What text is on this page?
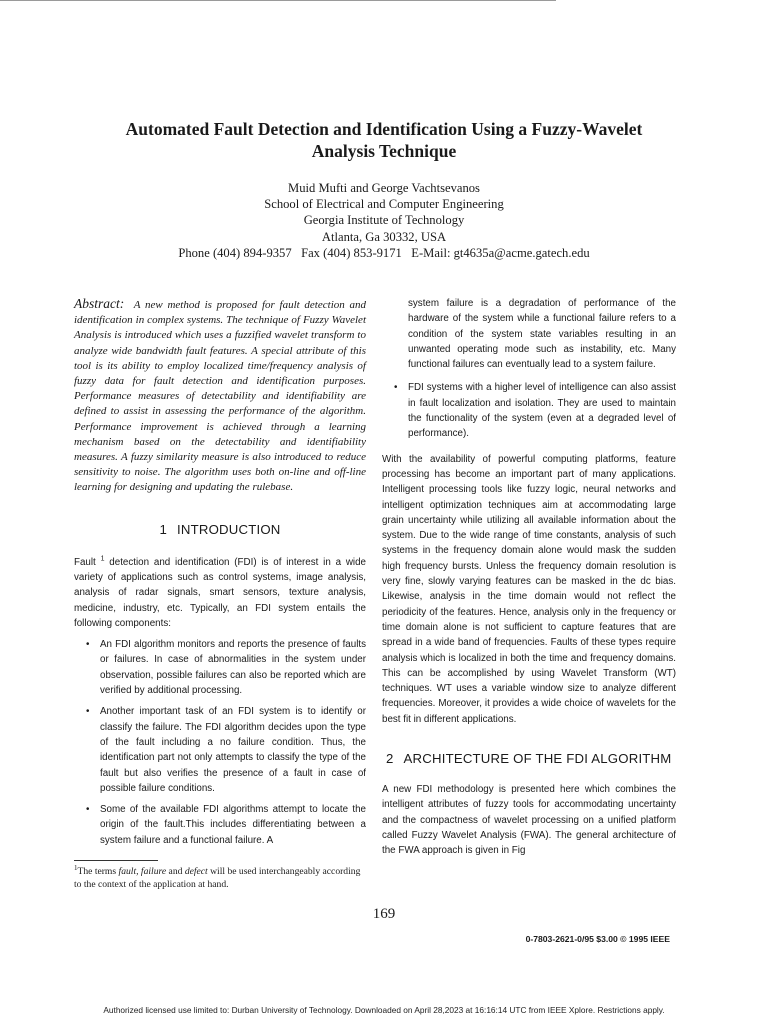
Automated Fault Detection and Identification Using a Fuzzy-Wavelet
Analysis Technique
Muid Mufti and George Vachtsevanos
School of Electrical and Computer Engineering
Georgia Institute of Technology
Atlanta, Ga 30332, USA
Phone (404) 894-9357   Fax (404) 853-9171   E-Mail: gt4635a@acme.gatech.edu
Abstract: A new method is proposed for fault detection and identification in complex systems. The technique of Fuzzy Wavelet Analysis is introduced which uses a fuzzified wavelet transform to analyze wide bandwidth fault features. A special attribute of this tool is its ability to employ localized time/frequency analysis of fuzzy data for fault detection and identification purposes. Performance measures of detectability and identifiability are defined to assist in assessing the performance of the algorithm. Performance improvement is achieved through a learning mechanism based on the detectability and identifiability measures. A fuzzy similarity measure is also introduced to reduce sensitivity to noise. The algorithm uses both on-line and off-line learning for designing and updating the rulebase.
1 INTRODUCTION

Fault $^1$ detection and identification (FDI) is of interest in a wide variety of applications such as control systems, image analysis, analysis of radar signals, smart sensors, texture analysis, medicine, industry, etc. Typically, an FDI system entails the following components:

• An FDI algorithm monitors and reports the presence of faults or failures. In case of abnormalities in the system under observation, possible failures can also be reported which are verified by additional processing.
• Another important task of an FDI system is to identify or classify the failure. The FDI algorithm decides upon the type of the fault including a no failure condition. Thus, the identification part not only attempts to classify the type of the fault but also verifies the presence of a fault in case of possible failure conditions.
• Some of the available FDI algorithms attempt to locate the origin of the fault.This includes differentiating between a system failure and a functional failure. A
$^1$The terms fault, failure and defect will be used interchangeably according to the context of the application at hand.

system failure is a degradation of performance of the hardware of the system while a functional failure refers to a condition of the system state variables resulting in an unwanted operating mode such as instability, etc. Many functional failures can eventually lead to a system failure.

• FDI systems with a higher level of intelligence can also assist in fault localization and isolation. They are used to maintain the functionality of the system (even at a degraded level of performance).

With the availability of powerful computing platforms, feature processing has become an important part of many applications. Intelligent processing tools like fuzzy logic, neural networks and intelligent optimization techniques aim at accommodating large grain uncertainty while utilizing all available information about the system. Due to the wide range of time constants, analysis of such systems in the frequency domain alone would mask the sudden high frequency bursts. Unless the frequency domain resolution is very fine, slowly varying features can be masked in the dc bias. Likewise, analysis in the time domain would not reflect the periodicity of the features. Hence, analysis only in the frequency or time domain alone is not sufficient to capture features that are spread in a wide band of frequencies. Faults of these types require analysis which is localized in both the time and frequency domains. This can be accomplished by using Wavelet Transform (WT) techniques. WT uses a variable window size to analyze different frequencies. Moreover, it provides a wide choice of wavelets for the best fit in different applications.

2 ARCHITECTURE OF THE FDI ALGORITHM

A new FDI methodology is presented here which combines the intelligent attributes of fuzzy tools for accommodating uncertainty and the compactness of wavelet processing on a unified platform called Fuzzy Wavelet Analysis (FWA). The general architecture of the FWA approach is given in Fig

169
0-7803-2621-0/95 $3.00 © 1995 IEEE
Authorized licensed use limited to: Durban University of Technology. Downloaded on April 28,2023 at 16:16:14 UTC from IEEE Xplore. Restrictions apply.
